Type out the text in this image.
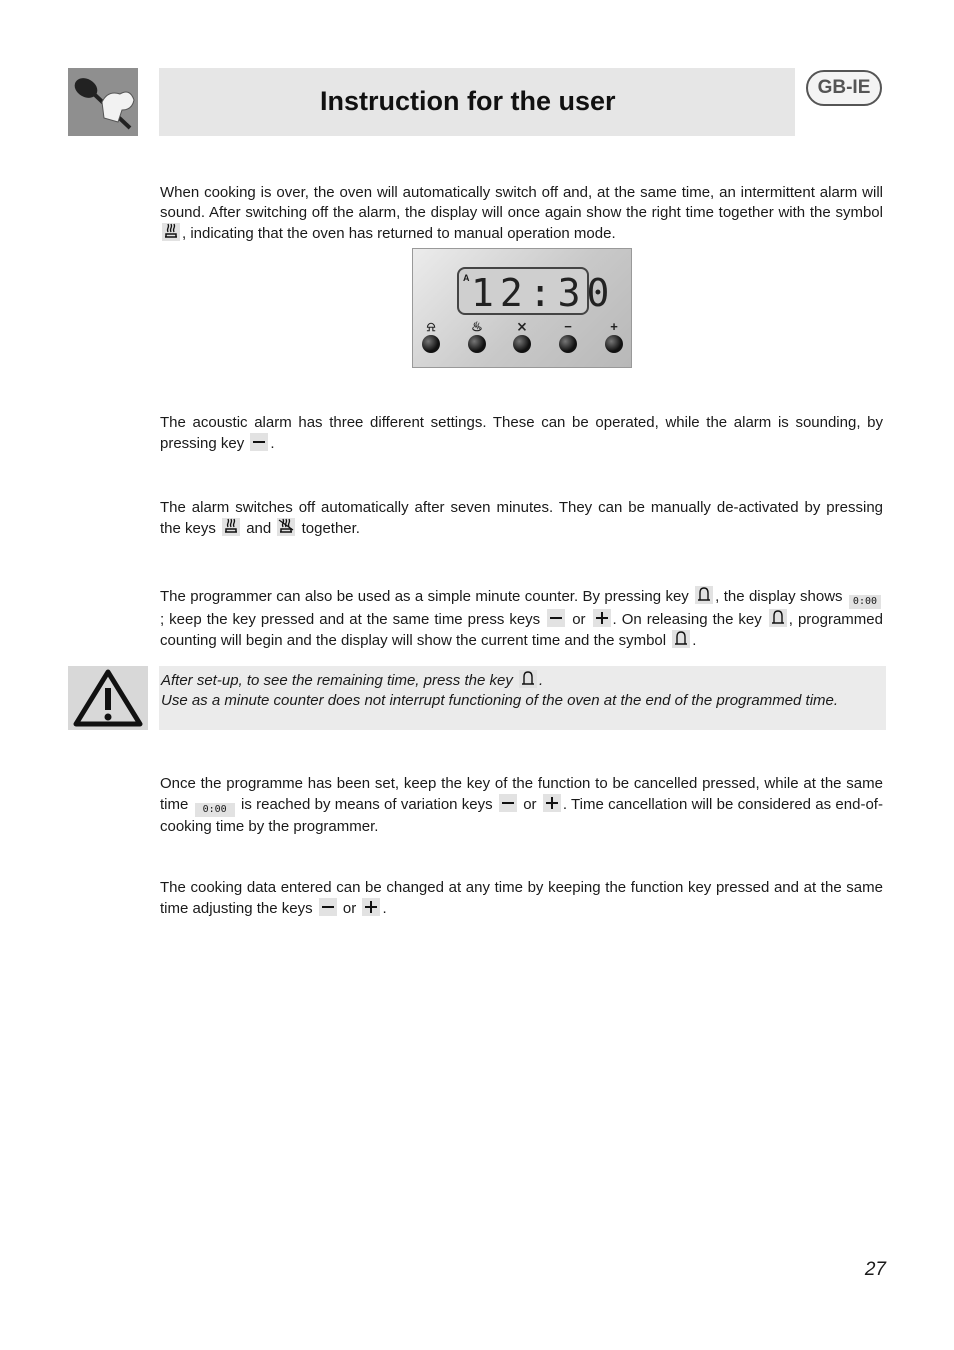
Instruction for the user	GB-IE

When cooking is over, the oven will automatically switch off and, at the same time, an intermittent alarm will sound. After switching off the alarm, the display will once again show the right time together with the symbol
, indicating that the oven has returned to manual operation mode.

A 12:30
⍾	♨	⨯	−	+

The acoustic alarm has three different settings. These can be operated, while the alarm is sounding, by pressing key .

The alarm switches off automatically after seven minutes. They can be manually de-activated by pressing the keys and together.

The programmer can also be used as a simple minute counter. By pressing key , the display shows 0:00; keep the key pressed and at the same time press keys or . On releasing the key , programmed counting will begin and the display will show the current time and the symbol .

After set-up, to see the remaining time, press the key .
Use as a minute counter does not interrupt functioning of the oven at the end of the programmed time.

Once the programme has been set, keep the key of the function to be cancelled pressed, while at the same time 0:00 is reached by means of variation keys or . Time cancellation will be considered as end-of-cooking time by the programmer.

The cooking data entered can be changed at any time by keeping the function key pressed and at the same time adjusting the keys or .

27
